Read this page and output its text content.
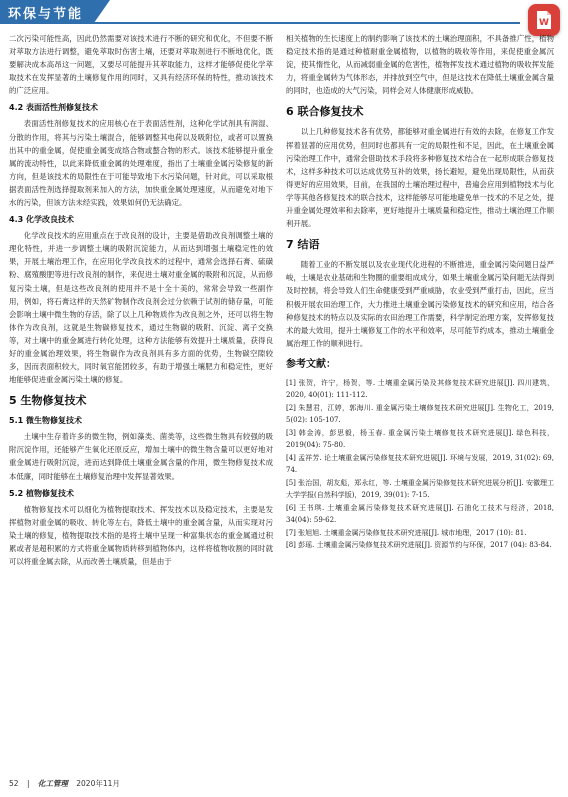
环保与节能
W

二次污染可能性高，因此仍然需要对该技术进行不断的研究和优化，不但要不断对萃取方法进行调整，避免萃取时伤害土壤，还要对萃取剂进行不断地优化，既要解决成本高昂这一问题，又要尽可能提升其萃取能力，这样才能够促使化学萃取技术在发挥显著的土壤修复作用的同时，又具有经济环保的特性，推动该技术的广泛应用。

4.2 表面活性剂修复技术

表面活性剂修复技术的应用核心在于表面活性剂，这种化学试剂具有润湿、分散的作用，将其与污染土壤混合，能够调整其电荷以及吸附位，或者可以置换出其中的重金属，促使重金属变成络合物或螯合物的形式。该技术能够提升重金属的流动特性，以此来降低重金属的处理难度，指出了土壤重金属污染修复的新方向，但是该技术的局限性在于可能导致地下水污染问题，针对此，可以采取根据表面活性剂选择提取剂来加入的方法，加快重金属处理速度，从而避免对地下水的污染，但该方法未经实践，效果如何仍无法确定。

4.3 化学改良技术

化学改良技术的应用重点在于改良剂的设计，主要是借助改良剂调整土壤的理化特性，并进一步调整土壤的吸附沉淀能力，从而达到增强土壤稳定性的效果，开展土壤治理工作，在应用化学改良技术的过程中，通常会选择石膏、硫磺粉、腐殖酸肥等进行改良剂的制作，来促进土壤对重金属的吸附和沉淀，从而修复污染土壤，但是这些改良剂的使用并不是十全十美的，常常会导致一些副作用，例如，将石膏这样的天然矿物制作改良剂会过分依赖于试剂的储存量，可能会影响土壤中微生物的存活，除了以上几种物质作为改良剂之外，还可以将生物体作为改良剂，这就是生物碳修复技术，通过生物碳的吸附、沉淀、离子交换等，对土壤中的重金属进行转化处理，这种方法能够有效提升土壤质量，获得良好的重金属治理效果，将生物碳作为改良剂具有多方面的优势，生物碳空隙较多，因而表面积较大，同时氧官能团较多，有助于增强土壤肥力和稳定性，更好地能够促进重金属污染土壤的修复。

5 生物修复技术
5.1 微生物修复技术

土壤中生存着许多的微生物，例如藻类、菌类等，这些微生物具有较强的吸附沉淀作用，还能够产生氧化还原反应，增加土壤中的微生物含量可以更好地对重金属进行吸附沉淀，进而达到降低土壤重金属含量的作用，微生物修复技术成本低廉，同时能够在土壤修复治理中发挥显著效果。

5.2 植物修复技术

植物修复技术可以细化为植物提取技术、挥发技术以及稳定技术，主要是发挥植物对重金属的吸收、转化等左右，降低土壤中的重金属含量，从而实现对污染土壤的修复，植物提取技术指的是将土壤中呈现一种富集状态的重金属通过积累或者是超积累的方式将重金属物质转移到植物体内，这样将植物收割的同时就可以将重金属去除，从而改善土壤质量，但是由于

相关植物的生长速度上的制约影响了该技术的土壤治理面积，不具备推广性，植物稳定技术指的是通过种植耐重金属植物，以植物的吸收等作用，来促使重金属沉淀，使其惰性化，从而减弱重金属的危害性，植物挥发技术通过植物的吸收挥发能力，将重金属转为气体形态，并排放到空气中，但是这技术在降低土壤重金属含量的同时，也造成的大气污染，同样会对人体健康形成威胁。

6 联合修复技术

以上几种修复技术各有优势，都能够对重金属进行有效的去除，在修复工作发挥着显著的应用优势，但同时也都具有一定的局限性和不足，因此，在土壤重金属污染治理工作中，通常会借助技术手段将多种修复技术结合在一起形成联合修复技术，这样多种技术可以达成优势互补的效果，扬长避短，避免出现局限性，从而获得更好的应用效果，目前，在我国的土壤治理过程中，普遍会应用到植物技术与化学等其他各修复技术的联合技术，这样能够尽可能地避免单一技术的不足之处，提升重金属处理效率和去除率，更好地提升土壤质量和稳定性，推动土壤治理工作顺利开展。

7 结语

随着工业的不断发展以及农业现代化进程的不断推进，重金属污染问题日益严峻，土壤是农业基础和生物圈的重要组成成分，如果土壤重金属污染问题无法得到及时控制，将会导致人们生命健康受到严重威胁，农业受到严重打击，因此，应当积极开展农田治理工作，大力推进土壤重金属污染修复技术的研究和应用，结合各种修复技术的特点以及实际的农田治理工作需要，科学制定治理方案，发挥修复技术的最大效用，提升土壤修复工作的水平和效率，尽可能节约成本，推动土壤重金属治理工作的顺利进行。

参考文献：

[1] 张贺，许宁，杨贺，等. 土壤重金属污染及其修复技术研究进展[J]. 四川建筑，2020, 40(01): 111-112.

[2] 朱慧君，江婷，郭海川. 重金属污染土壤修复技术研究进展[J]. 生物化工，2019, 5(02): 105-107.

[3] 韩金涛，彭思毅，杨玉春. 重金属污染土壤修复技术研究进展[J]. 绿色科技，2019(04): 75-80.

[4] 孟祥芳. 论土壤重金属污染修复技术研究进展[J]. 环境与发展，2019, 31(02): 69, 74.

[5] 张治国，胡友彪，郑永红，等. 土壤重金属污染修复技术研究进展分析[J]. 安徽理工大学学报(自然科学版)，2019, 39(01): 7-15.

[6] 王书琪. 土壤重金属污染修复技术研究进展[J]. 石油化工技术与经济，2018, 34(04): 59-62.

[7] 张旭旭. 土壤重金属污染修复技术研究进展[J]. 城市地理，2017 (10): 81.

[8] 彭瑶. 土壤重金属污染修复技术研究进展[J]. 资源节约与环保，2017 (04): 83-84.

52 | 化工管理 2020年11月
